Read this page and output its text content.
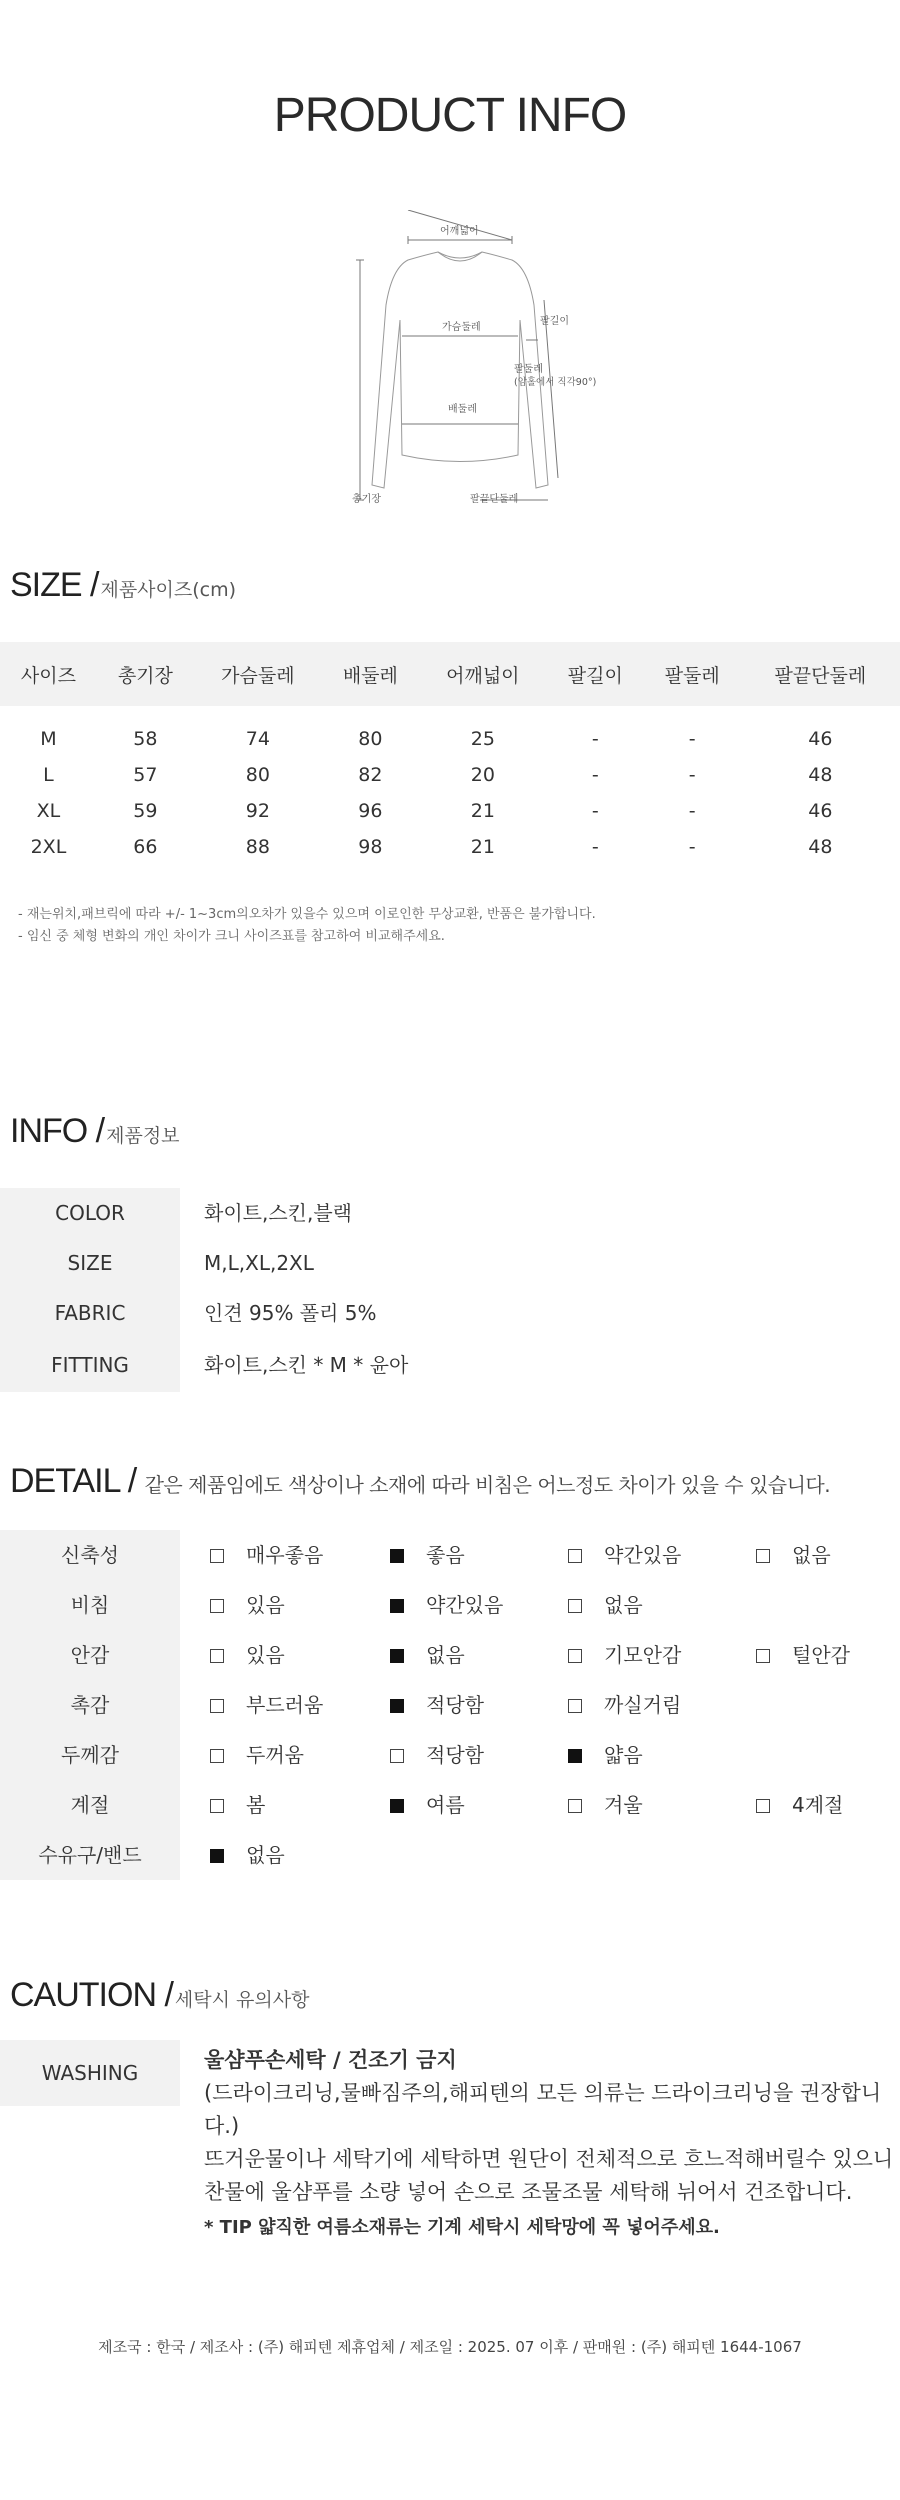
PRODUCT INFO
어깨넓이
팔길이
가슴둘레
팔둘레
(암홀에서 직각90°)
배둘레
총기장	팔끝단둘레
SIZE / 제품사이즈(cm)
사이즈	총기장	가슴둘레	배둘레	어깨넓이	팔길이	팔둘레	팔끝단둘레
M	58	74	80	25	-	-	46
L	57	80	82	20	-	-	48
XL	59	92	96	21	-	-	46
2XL	66	88	98	21	-	-	48
- 재는위치,패브릭에 따라 +/- 1~3cm의오차가 있을수 있으며 이로인한 무상교환, 반품은 불가합니다.
- 임신 중 체형 변화의 개인 차이가 크니 사이즈표를 참고하여 비교해주세요.
INFO / 제품정보
COLOR	화이트,스킨,블랙
SIZE	M,L,XL,2XL
FABRIC	인견 95% 폴리 5%
FITTING	화이트,스킨 * M * 윤아
DETAIL / 같은 제품임에도 색상이나 소재에 따라 비침은 어느정도 차이가 있을 수 있습니다.
신축성	매우좋음	좋음	약간있음	없음
비침	있음	약간있음	없음
안감	있음	없음	기모안감	털안감
촉감	부드러움	적당함	까실거림
두께감	두꺼움	적당함	얇음
계절	봄	여름	겨울	4계절
수유구/밴드	없음
CAUTION / 세탁시 유의사항
WASHING
울샴푸손세탁 / 건조기 금지
(드라이크리닝,물빠짐주의,해피텐의 모든 의류는 드라이크리닝을 권장합니다.)
뜨거운물이나 세탁기에 세탁하면 원단이 전체적으로 흐느적해버릴수 있으니
찬물에 울샴푸를 소량 넣어 손으로 조물조물 세탁해 뉘어서 건조합니다.
* TIP 얇직한 여름소재류는 기계 세탁시 세탁망에 꼭 넣어주세요.
제조국 : 한국 / 제조사 : (주) 해피텐 제휴업체 / 제조일 : 2025. 07 이후 / 판매원 : (주) 해피텐 1644-1067
